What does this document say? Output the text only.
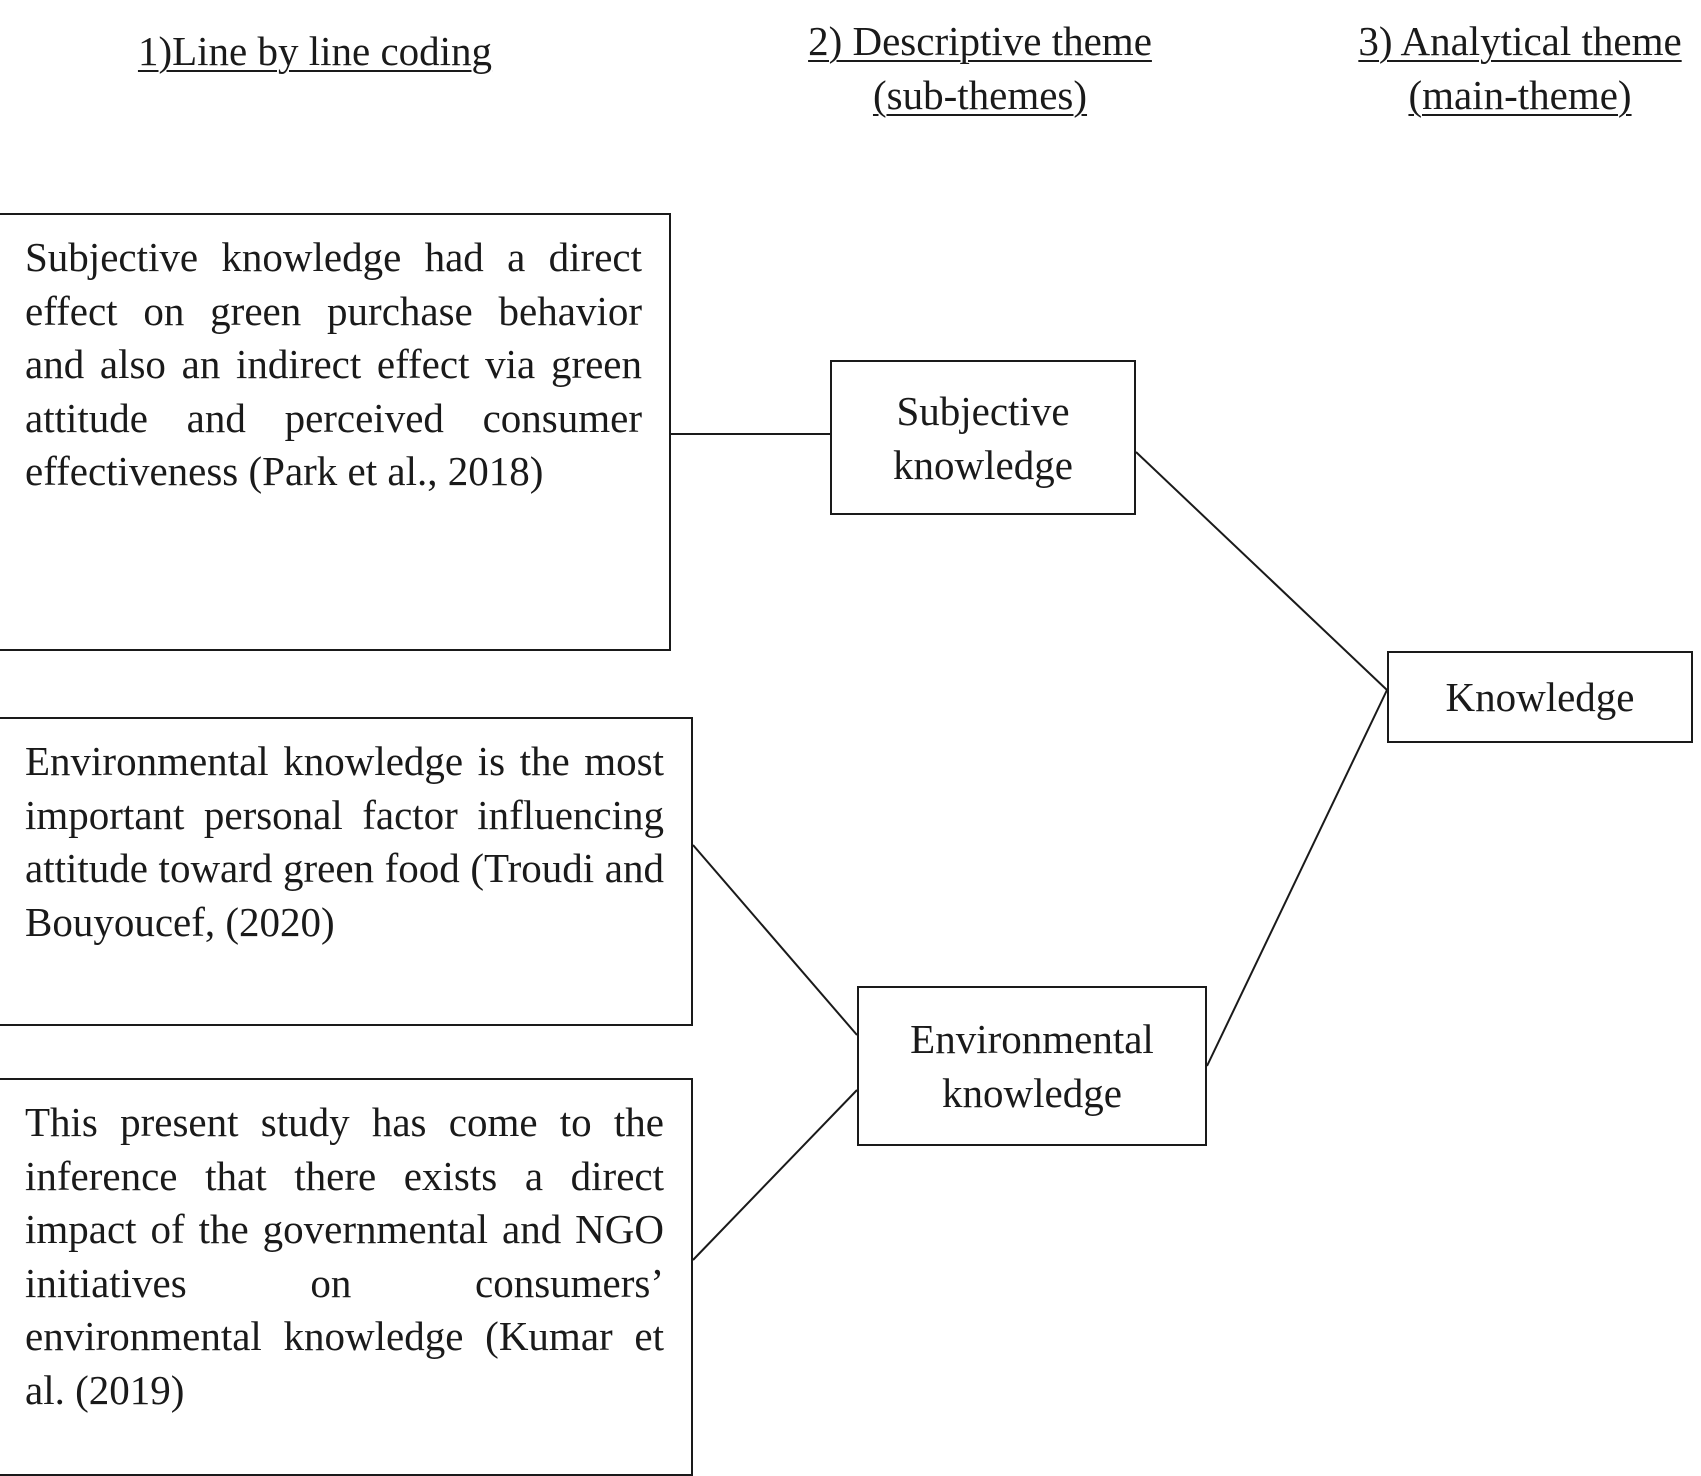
1)Line by line coding	2) Descriptive theme
(sub-themes)
3) Analytical theme
(main-theme)
Subjective knowledge had a direct effect on green purchase behavior and also an indirect effect via green attitude and perceived consumer effectiveness (Park et al., 2018)
Environmental knowledge is the most important personal factor influencing attitude toward green food (Troudi and Bouyoucef, (2020)
This present study has come to the inference that there exists a direct impact of the governmental and NGO initiatives on consumers’ environmental knowledge (Kumar et al. (2019)
Subjective
knowledge
Environmental
knowledge
Knowledge
